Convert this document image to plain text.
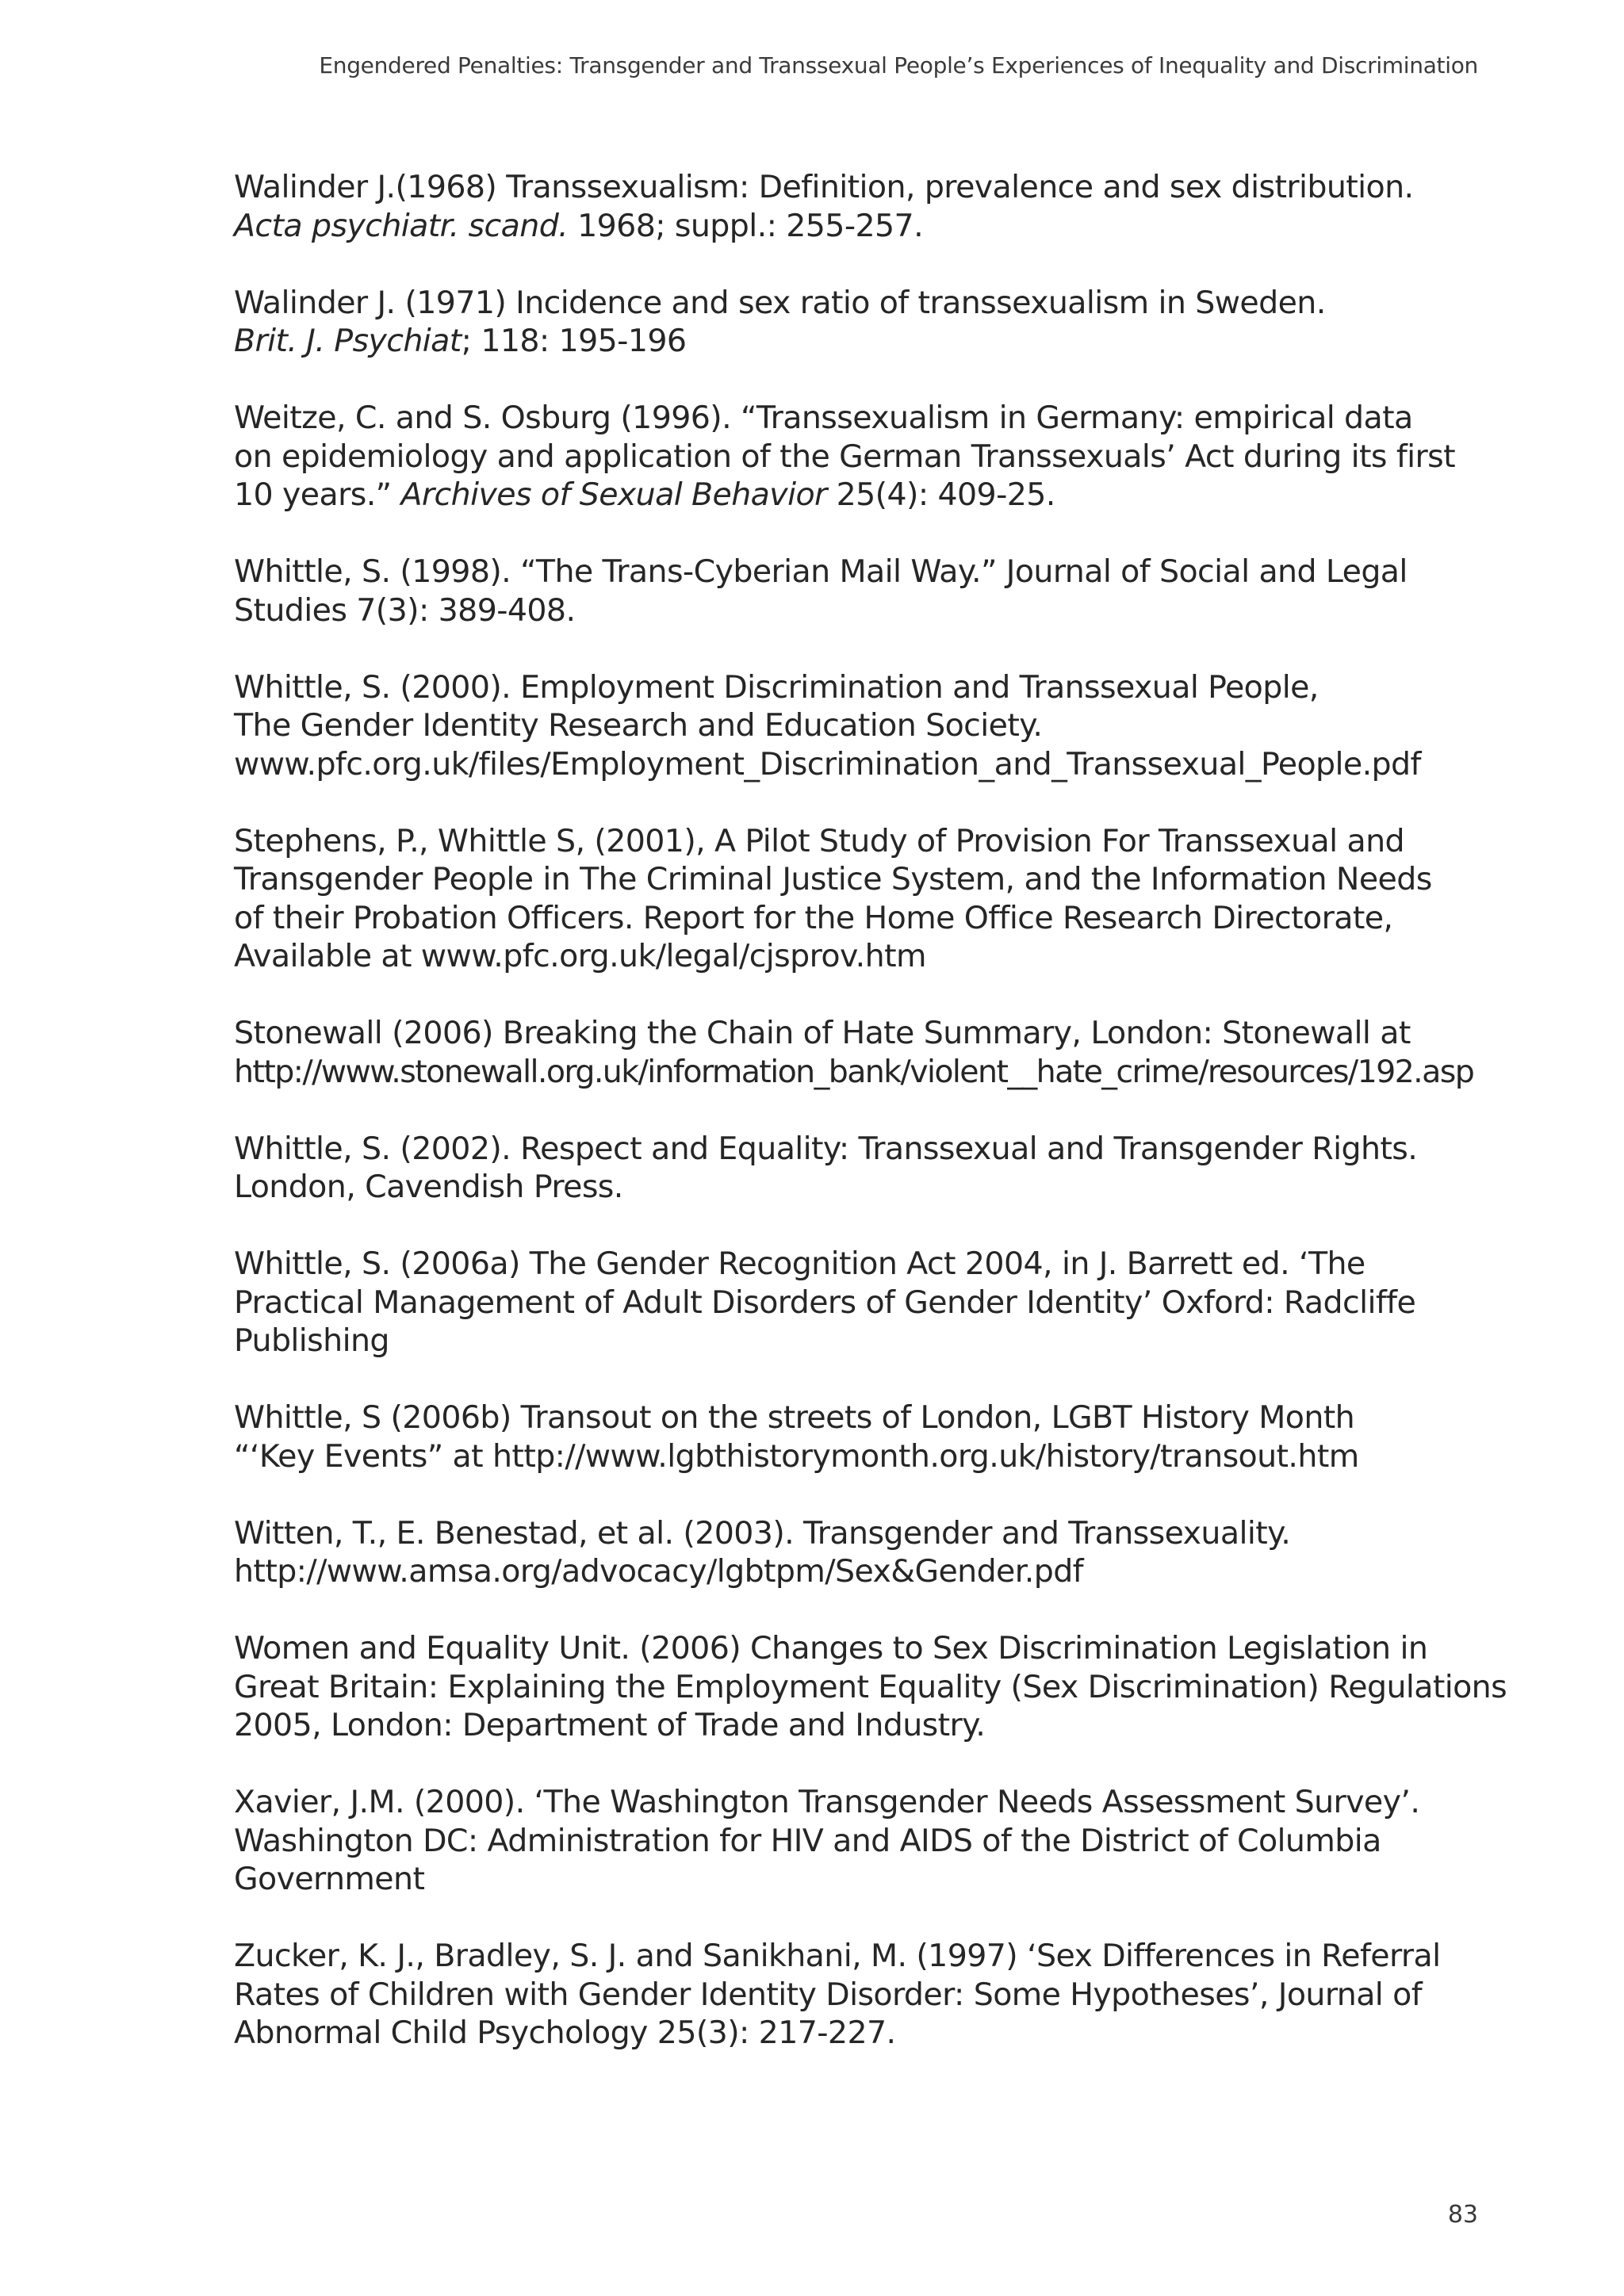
Engendered Penalties: Transgender and Transsexual People’s Experiences of Inequality and Discrimination
Walinder J.(1968) Transsexualism: Definition, prevalence and sex distribution.
Acta psychiatr. scand. 1968; suppl.: 255-257.
Walinder J. (1971) Incidence and sex ratio of transsexualism in Sweden.
Brit. J. Psychiat; 118: 195-196
Weitze, C. and S. Osburg (1996). “Transsexualism in Germany: empirical data
on epidemiology and application of the German Transsexuals’ Act during its first
10 years.” Archives of Sexual Behavior 25(4): 409-25.
Whittle, S. (1998). “The Trans-Cyberian Mail Way.” Journal of Social and Legal
Studies 7(3): 389-408.
Whittle, S. (2000). Employment Discrimination and Transsexual People,
The Gender Identity Research and Education Society.
www.pfc.org.uk/files/Employment_Discrimination_and_Transsexual_People.pdf
Stephens, P., Whittle S, (2001), A Pilot Study of Provision For Transsexual and
Transgender People in The Criminal Justice System, and the Information Needs
of their Probation Officers. Report for the Home Office Research Directorate,
Available at www.pfc.org.uk/legal/cjsprov.htm
Stonewall (2006) Breaking the Chain of Hate Summary, London: Stonewall at
http://www.stonewall.org.uk/information_bank/violent__hate_crime/resources/192.asp
Whittle, S. (2002). Respect and Equality: Transsexual and Transgender Rights.
London, Cavendish Press.
Whittle, S. (2006a) The Gender Recognition Act 2004, in J. Barrett ed. ‘The
Practical Management of Adult Disorders of Gender Identity’ Oxford: Radcliffe
Publishing
Whittle, S (2006b) Transout on the streets of London, LGBT History Month
“‘Key Events” at http://www.lgbthistorymonth.org.uk/history/transout.htm
Witten, T., E. Benestad, et al. (2003). Transgender and Transsexuality.
http://www.amsa.org/advocacy/lgbtpm/Sex&Gender.pdf
Women and Equality Unit. (2006) Changes to Sex Discrimination Legislation in
Great Britain: Explaining the Employment Equality (Sex Discrimination) Regulations
2005, London: Department of Trade and Industry.
Xavier, J.M. (2000). ‘The Washington Transgender Needs Assessment Survey’.
Washington DC: Administration for HIV and AIDS of the District of Columbia
Government
Zucker, K. J., Bradley, S. J. and Sanikhani, M. (1997) ‘Sex Differences in Referral
Rates of Children with Gender Identity Disorder: Some Hypotheses’, Journal of
Abnormal Child Psychology 25(3): 217-227.
83
